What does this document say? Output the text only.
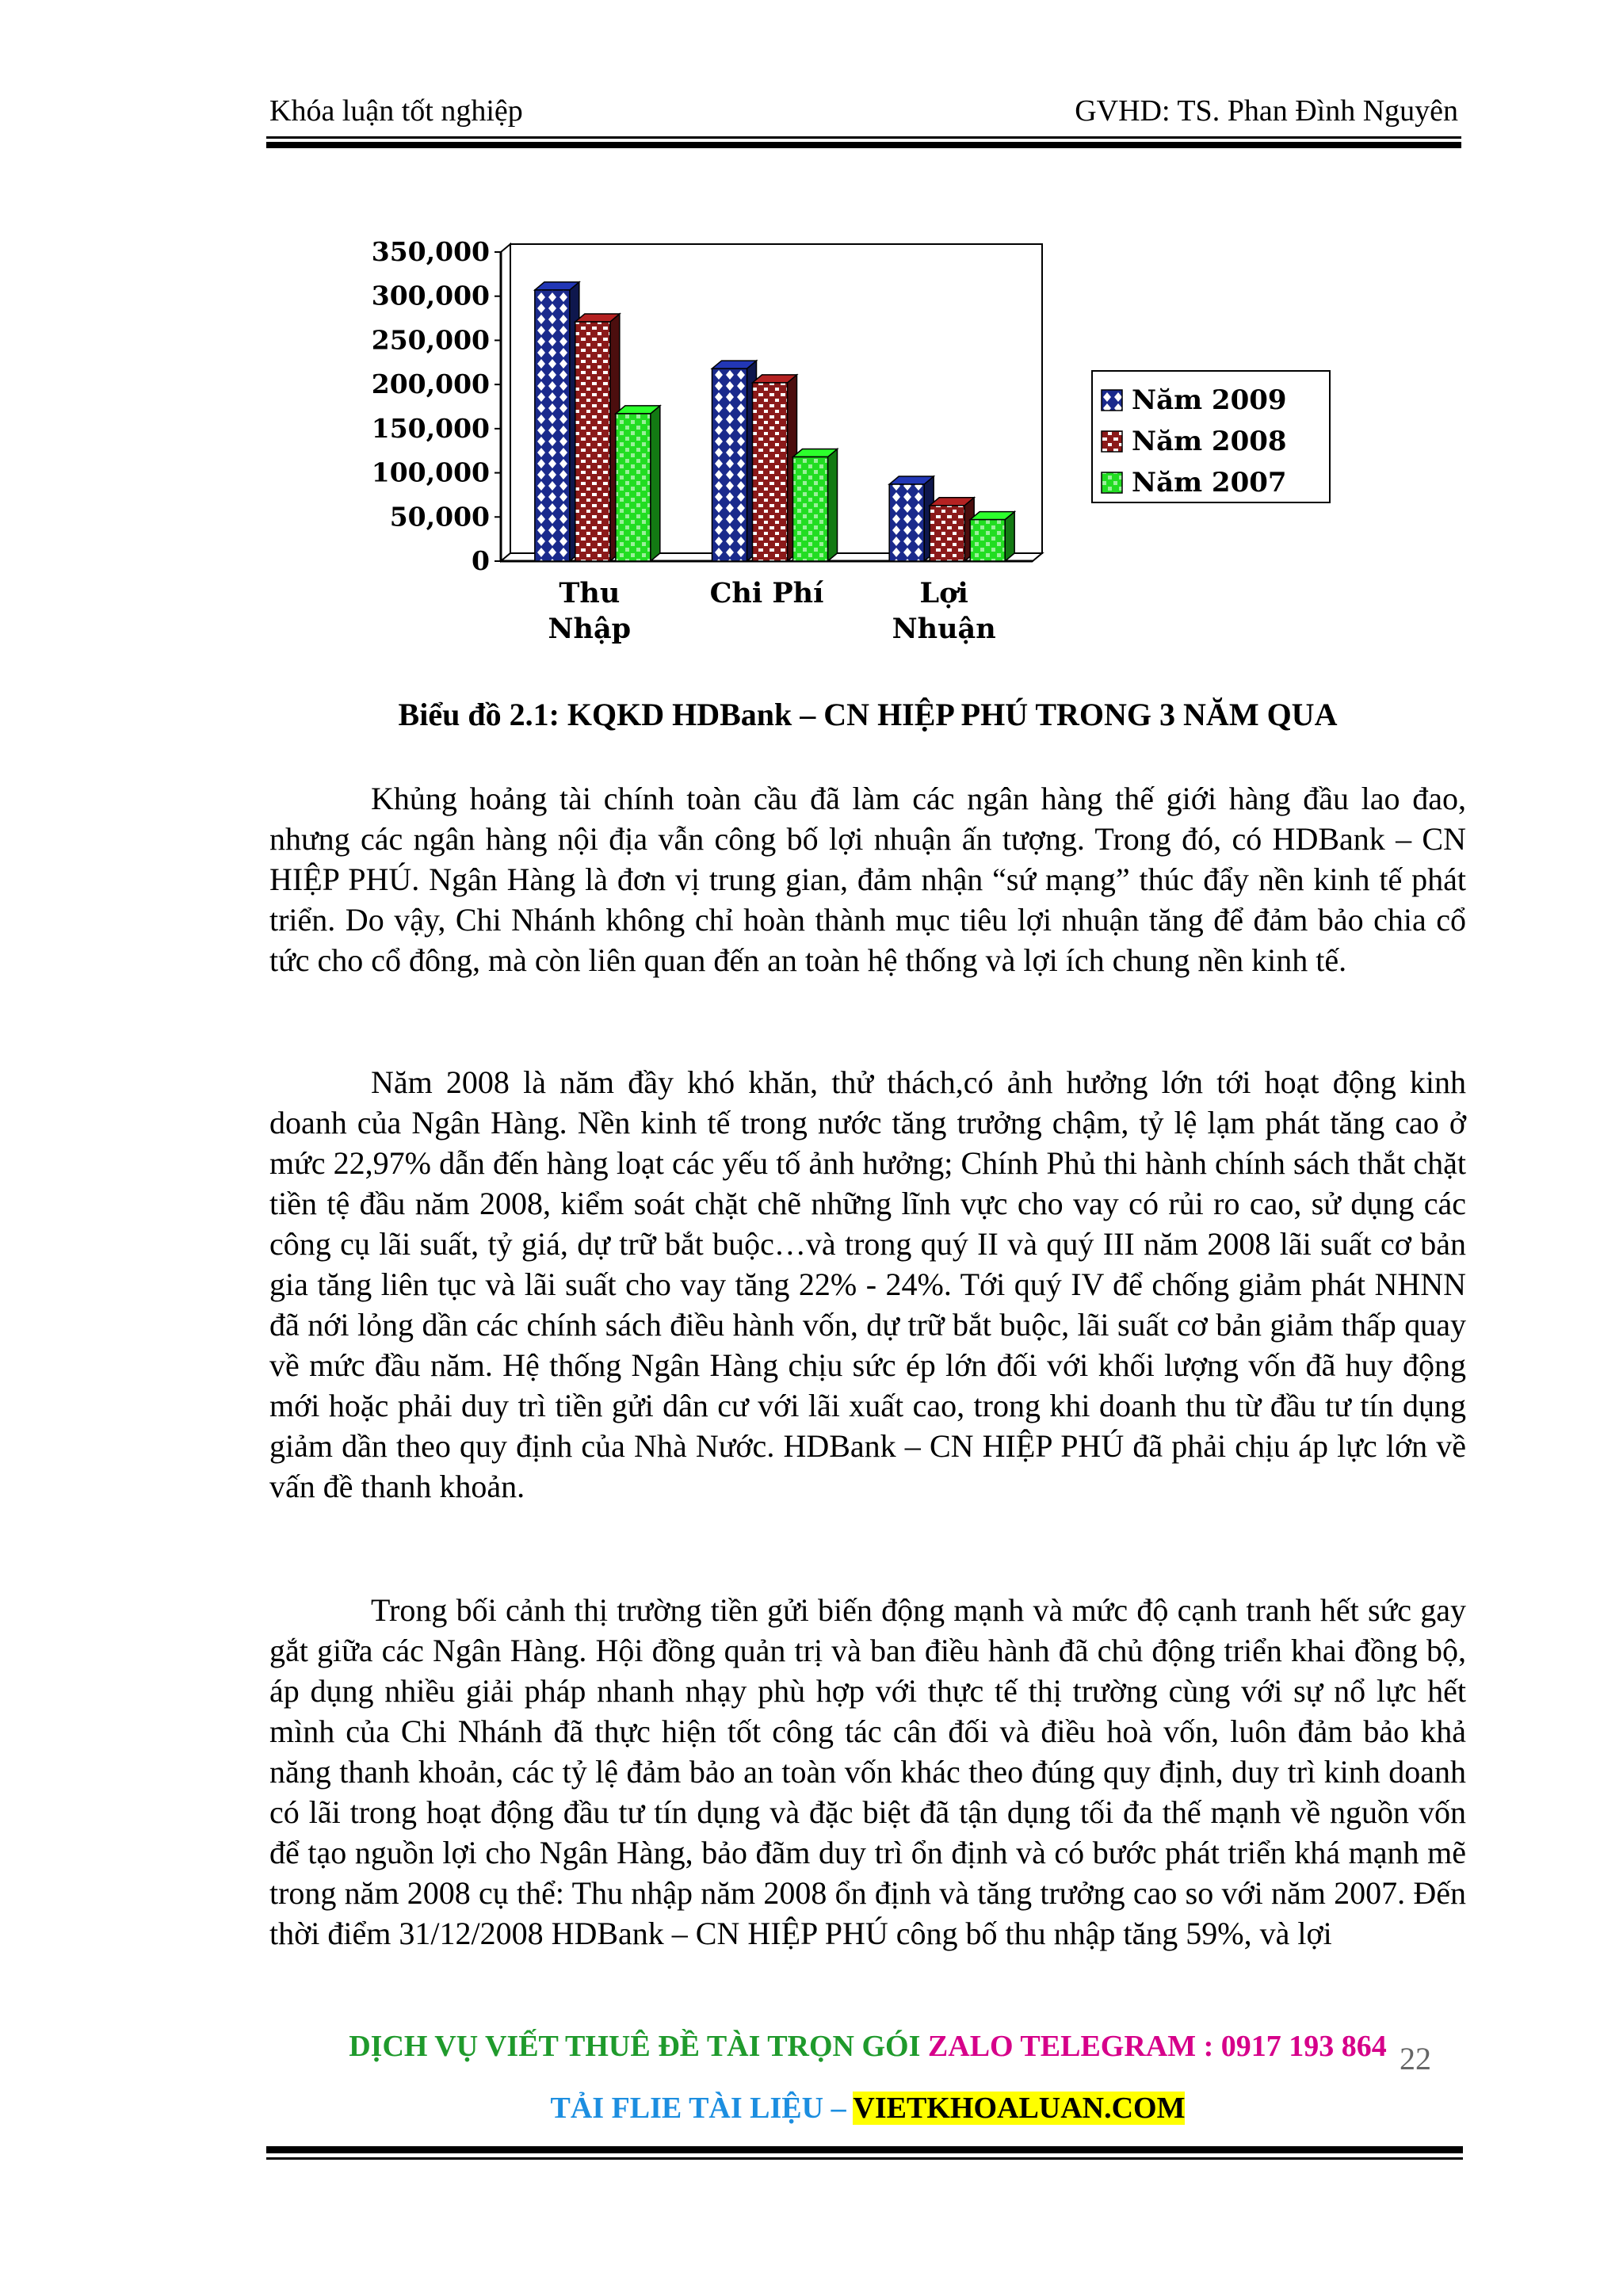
Khóa luận tốt nghiệp	GVHD: TS. Phan Đình Nguyên
350,000
300,000
250,000
200,000
150,000
100,000
50,000
0
Thu
Nhập
Chi Phí	Lợi
Nhuận
Năm 2009
Năm 2008
Năm 2007
Biểu đồ 2.1: KQKD HDBank – CN HIỆP PHÚ TRONG 3 NĂM QUA

Khủng hoảng tài chính toàn cầu đã làm các ngân hàng thế giới hàng đầu lao đao, nhưng các ngân hàng nội địa vẫn công bố lợi nhuận ấn tượng. Trong đó, có HDBank – CN HIỆP PHÚ. Ngân Hàng là đơn vị trung gian, đảm nhận “sứ mạng” thúc đẩy nền kinh tế phát triển. Do vậy, Chi Nhánh không chỉ hoàn thành mục tiêu lợi nhuận tăng để đảm bảo chia cổ tức cho cổ đông, mà còn liên quan đến an toàn hệ thống và lợi ích chung nền kinh tế.

Năm 2008 là năm đầy khó khăn, thử thách,có ảnh hưởng lớn tới hoạt động kinh doanh của Ngân Hàng. Nền kinh tế trong nước tăng trưởng chậm, tỷ lệ lạm phát tăng cao ở mức 22,97% dẫn đến hàng loạt các yếu tố ảnh hưởng; Chính Phủ thi hành chính sách thắt chặt tiền tệ đầu năm 2008, kiểm soát chặt chẽ những lĩnh vực cho vay có rủi ro cao, sử dụng các công cụ lãi suất, tỷ giá, dự trữ bắt buộc…và trong quý II và quý III năm 2008 lãi suất cơ bản gia tăng liên tục và lãi suất cho vay tăng 22% - 24%. Tới quý IV để chống giảm phát NHNN đã nới lỏng dần các chính sách điều hành vốn, dự trữ bắt buộc, lãi suất cơ bản giảm thấp quay về mức đầu năm. Hệ thống Ngân Hàng chịu sức ép lớn đối với khối lượng vốn đã huy động mới hoặc phải duy trì tiền gửi dân cư với lãi xuất cao, trong khi doanh thu từ đầu tư tín dụng giảm dần theo quy định của Nhà Nước. HDBank – CN HIỆP PHÚ đã phải chịu áp lực lớn về vấn đề thanh khoản.

Trong bối cảnh thị trường tiền gửi biến động mạnh và mức độ cạnh tranh hết sức gay gắt giữa các Ngân Hàng. Hội đồng quản trị và ban điều hành đã chủ động triển khai đồng bộ, áp dụng nhiều giải pháp nhanh nhạy phù hợp với thực tế thị trường cùng với sự nổ lực hết mình của Chi Nhánh đã thực hiện tốt công tác cân đối và điều hoà vốn, luôn đảm bảo khả năng thanh khoản, các tỷ lệ đảm bảo an toàn vốn khác theo đúng quy định, duy trì kinh doanh có lãi trong hoạt động đầu tư tín dụng và đặc biệt đã tận dụng tối đa thế mạnh về nguồn vốn để tạo nguồn lợi cho Ngân Hàng, bảo đãm duy trì ổn định và có bước phát triển khá mạnh mẽ trong năm 2008 cụ thể: Thu nhập năm 2008 ổn định và tăng trưởng cao so với năm 2007. Đến thời điểm 31/12/2008 HDBank – CN HIỆP PHÚ công bố thu nhập tăng 59%, và lợi

DỊCH VỤ VIẾT THUÊ ĐỀ TÀI TRỌN GÓI ZALO TELEGRAM : 0917 193 864 22
TẢI FLIE TÀI LIỆU – VIETKHOALUAN.COM
